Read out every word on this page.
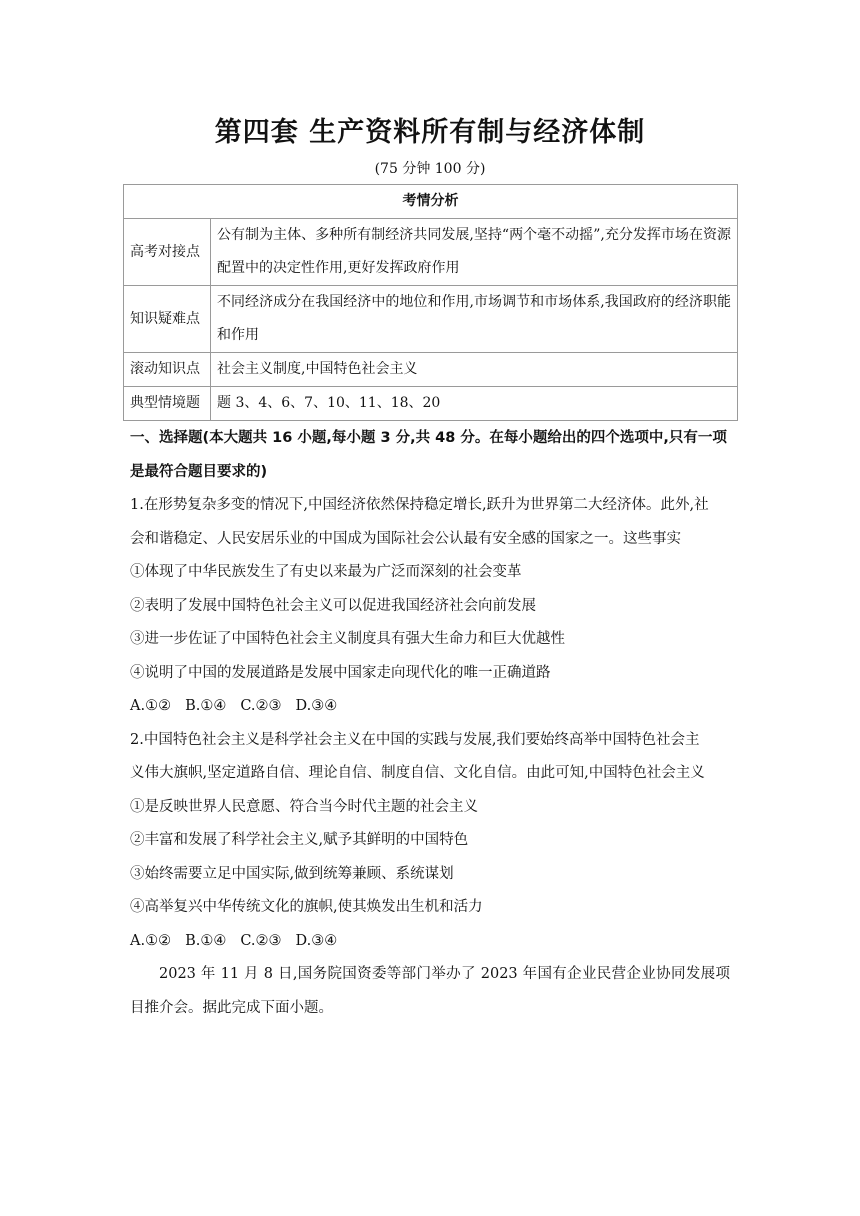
第四套 生产资料所有制与经济体制
(75 分钟 100 分)
考情分析	
高考对接点	公有制为主体、多种所有制经济共同发展,坚持“两个毫不动摇”,充分发挥市场在资源配置中的决定性作用,更好发挥政府作用
知识疑难点	不同经济成分在我国经济中的地位和作用,市场调节和市场体系,我国政府的经济职能和作用
滚动知识点	社会主义制度,中国特色社会主义
典型情境题	题 3、4、6、7、10、11、18、20
一、选择题(本大题共 16 小题,每小题 3 分,共 48 分。在每小题给出的四个选项中,只有一项
是最符合题目要求的)
1.在形势复杂多变的情况下,中国经济依然保持稳定增长,跃升为世界第二大经济体。此外,社
会和谐稳定、人民安居乐业的中国成为国际社会公认最有安全感的国家之一。这些事实
①体现了中华民族发生了有史以来最为广泛而深刻的社会变革
②表明了发展中国特色社会主义可以促进我国经济社会向前发展
③进一步佐证了中国特色社会主义制度具有强大生命力和巨大优越性
④说明了中国的发展道路是发展中国家走向现代化的唯一正确道路
A.①② B.①④ C.②③ D.③④
2.中国特色社会主义是科学社会主义在中国的实践与发展,我们要始终高举中国特色社会主
义伟大旗帜,坚定道路自信、理论自信、制度自信、文化自信。由此可知,中国特色社会主义
①是反映世界人民意愿、符合当今时代主题的社会主义
②丰富和发展了科学社会主义,赋予其鲜明的中国特色
③始终需要立足中国实际,做到统筹兼顾、系统谋划
④高举复兴中华传统文化的旗帜,使其焕发出生机和活力
A.①② B.①④ C.②③ D.③④
2023 年 11 月 8 日,国务院国资委等部门举办了 2023 年国有企业民营企业协同发展项目推介会。据此完成下面小题。
